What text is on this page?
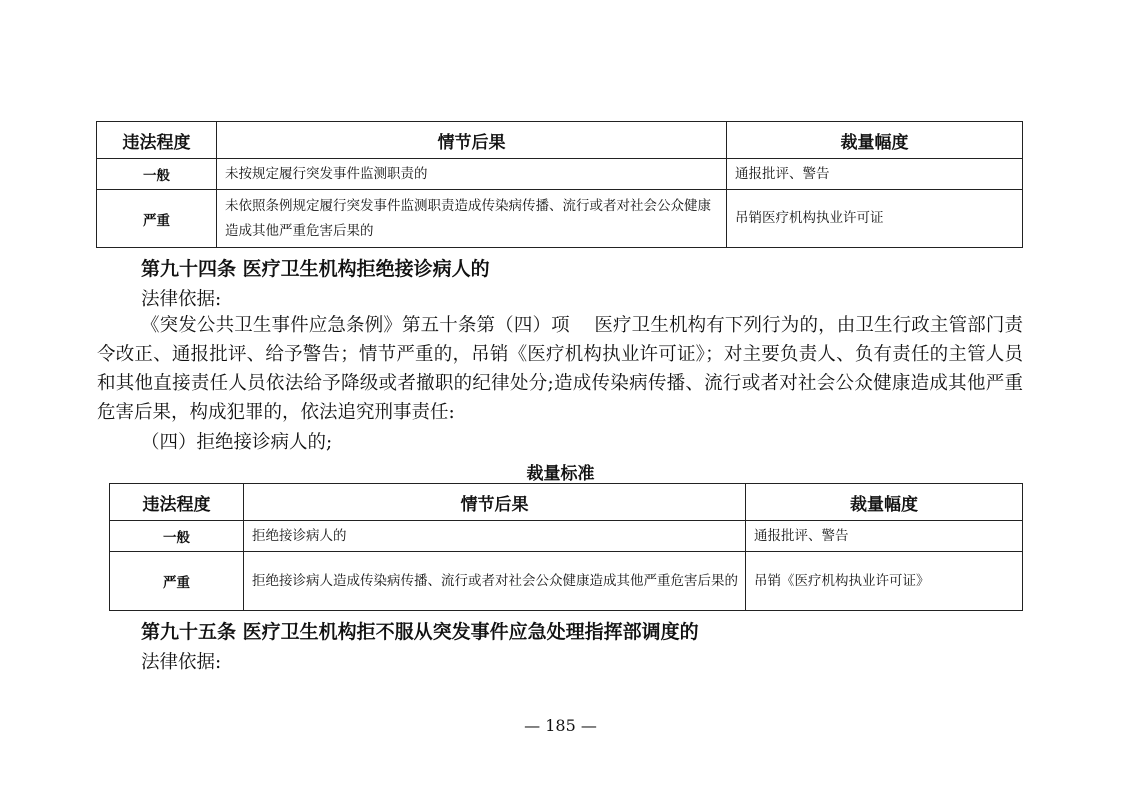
违法程度	情节后果	裁量幅度
一般	未按规定履行突发事件监测职责的	通报批评、警告
严重	未依照条例规定履行突发事件监测职责造成传染病传播、流行或者对社会公众健康造成其他严重危害后果的	吊销医疗机构执业许可证
第九十四条 医疗卫生机构拒绝接诊病人的
法律依据:
《突发公共卫生事件应急条例》第五十条第（四）项　 医疗卫生机构有下列行为的，由卫生行政主管部门责令改正、通报批评、给予警告；情节严重的，吊销《医疗机构执业许可证》；对主要负责人、负有责任的主管人员和其他直接责任人员依法给予降级或者撤职的纪律处分;造成传染病传播、流行或者对社会公众健康造成其他严重危害后果，构成犯罪的，依法追究刑事责任:
（四）拒绝接诊病人的;
裁量标准
违法程度	情节后果	裁量幅度
一般	拒绝接诊病人的	通报批评、警告
严重	拒绝接诊病人造成传染病传播、流行或者对社会公众健康造成其他严重危害后果的	吊销《医疗机构执业许可证》
第九十五条 医疗卫生机构拒不服从突发事件应急处理指挥部调度的
法律依据:
— 185 —
